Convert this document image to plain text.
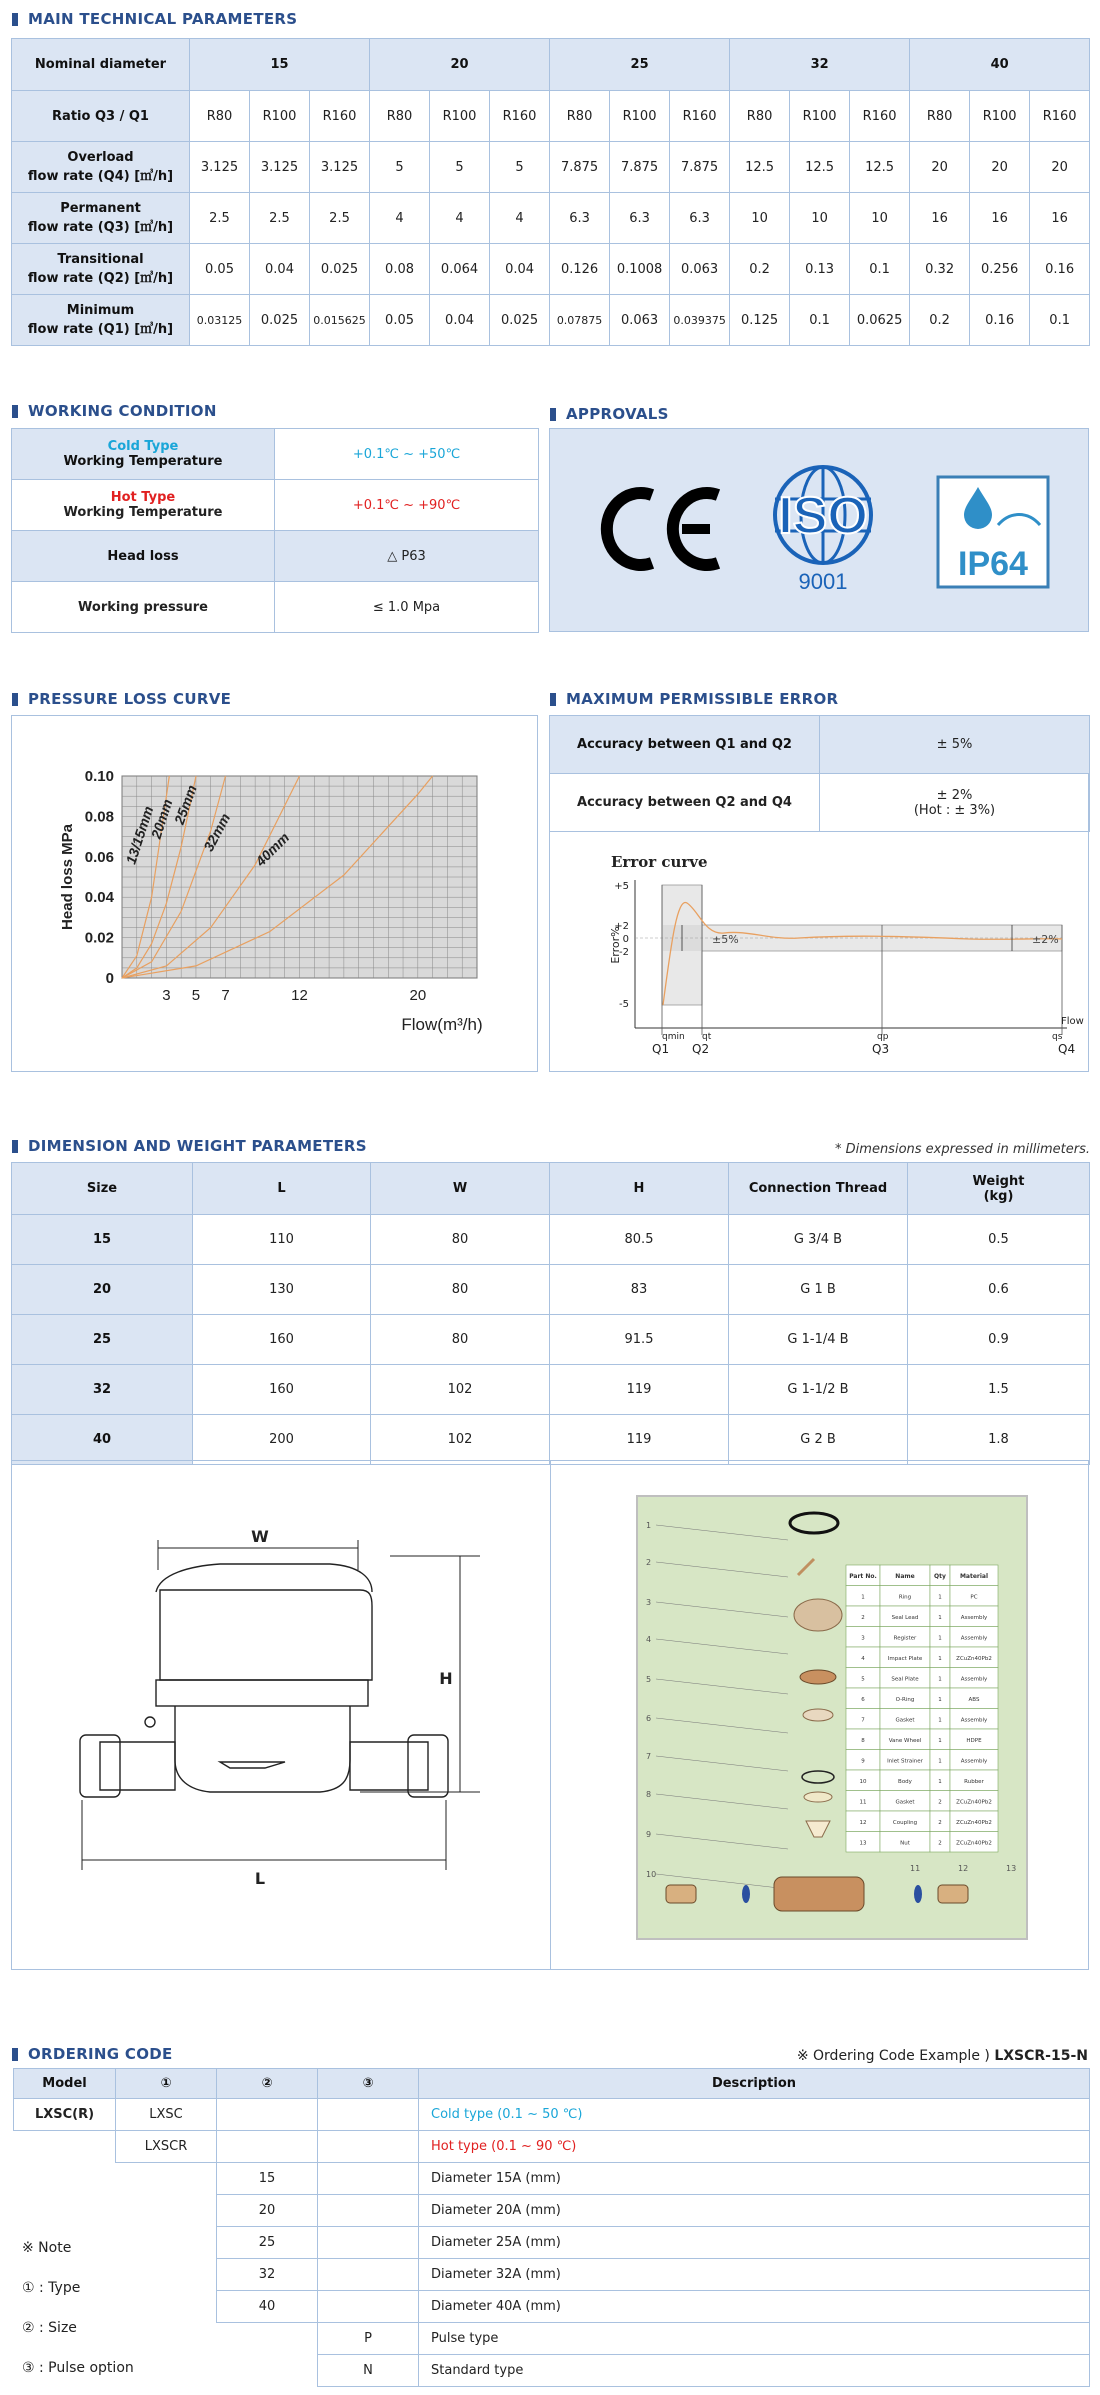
MAIN TECHNICAL PARAMETERS
Nominal diameter	15			20			25			32			40		

Ratio Q3 / Q1	R80	R100	R160	R80	R100	R160	R80	R100	R160	R80	R100	R160	R80	R100	R160

Overload
flow rate (Q4) [㎥/h]	3.125	3.125	3.125	5	5	5	7.875	7.875	7.875	12.5	12.5	12.5	20	20	20

Permanent
flow rate (Q3) [㎥/h]	2.5	2.5	2.5	4	4	4	6.3	6.3	6.3	10	10	10	16	16	16

Transitional
flow rate (Q2) [㎥/h]	0.05	0.04	0.025	0.08	0.064	0.04	0.126	0.1008	0.063	0.2	0.13	0.1	0.32	0.256	0.16

Minimum
flow rate (Q1) [㎥/h]	0.03125	0.025	0.015625	0.05	0.04	0.025	0.07875	0.063	0.039375	0.125	0.1	0.0625	0.2	0.16	0.1
WORKING CONDITION
Cold Type
Working Temperature	+0.1℃ ~ +50℃

Hot Type
Working Temperature	+0.1℃ ~ +90℃
Head loss	△ P63
Working pressure	≤ 1.0 Mpa
APPROVALS
ISO
9001	IP64
PRESSURE LOSS CURVE
0
0.02
0.04
0.06
0.08
0.10
3 5 7	12	20
Head loss MPa
Flow(m³/h)
13/15mm
20mm
25mm
32mm 40mm
MAXIMUM PERMISSIBLE ERROR
Accuracy between Q1 and Q2	± 5%
Accuracy between Q2 and Q4	± 2%
(Hot : ± 3%)
Error curve
Error%
+5
+2
0
-2
-5
±5%	±2%
Flow
qmin qt	qp	qs
Q1 Q2	Q3	Q4
DIMENSION AND WEIGHT PARAMETERS	* Dimensions expressed in millimeters.
Size	L	W	H	Connection Thread	Weight
(kg)

15	110	80	80.5	G 3/4 B	0.5
20	130	80	83	G 1 B	0.6
25	160	80	91.5	G 1-1/4 B	0.9
32	160	102	119	G 1-1/2 B	1.5
40	200	102	119	G 2 B	1.8
W
H
L
Part No.	Name	Qty Material
1	Ring	1	PC
2	Seal Lead	1	Assembly
3	Register	1	Assembly
4	Impact Plate	1	ZCuZn40Pb2
5	Seal Plate	1	Assembly
6	O-Ring	1	ABS
7	Gasket	1	Assembly
8	Vane Wheel	1	HDPE
9	Inlet Strainer	1	Assembly
10	Body	1	Rubber
11	Gasket	2	ZCuZn40Pb2
12	Coupling	2	ZCuZn40Pb2
13	Nut	2	ZCuZn40Pb2
1
2
3
4
5
6
7
8
9
10
11	12	13
ORDERING CODE	※ Ordering Code Example ) LXSCR-15-N
Model	①	②	③	Description
LXSC(R)	LXSC			Cold type (0.1 ~ 50 ℃)
	LXSCR			Hot type (0.1 ~ 90 ℃)
		15		Diameter 15A (mm)
		20		Diameter 20A (mm)
		25		Diameter 25A (mm)
		32		Diameter 32A (mm)
		40		Diameter 40A (mm)
			P	Pulse type
			N	Standard type
※ Note
① : Type
② : Size
③ : Pulse option
